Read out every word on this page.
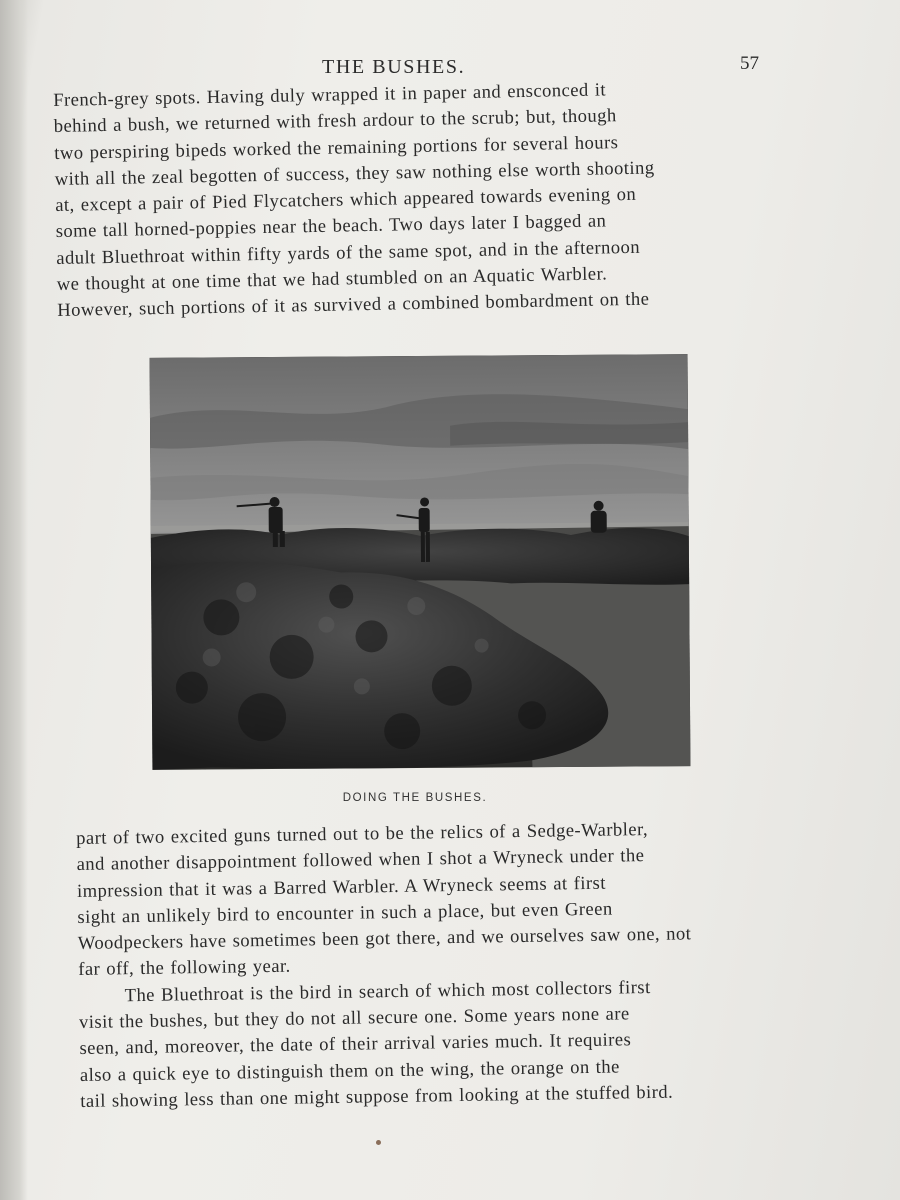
THE BUSHES.	57
French-grey spots. Having duly wrapped it in paper and ensconced it
behind a bush, we returned with fresh ardour to the scrub; but, though
two perspiring bipeds worked the remaining portions for several hours
with all the zeal begotten of success, they saw nothing else worth shooting
at, except a pair of Pied Flycatchers which appeared towards evening on
some tall horned-poppies near the beach. Two days later I bagged an
adult Bluethroat within fifty yards of the same spot, and in the afternoon
we thought at one time that we had stumbled on an Aquatic Warbler.
However, such portions of it as survived a combined bombardment on the
DOING THE BUSHES.
part of two excited guns turned out to be the relics of a Sedge-Warbler,
and another disappointment followed when I shot a Wryneck under the
impression that it was a Barred Warbler. A Wryneck seems at first
sight an unlikely bird to encounter in such a place, but even Green
Woodpeckers have sometimes been got there, and we ourselves saw one, not
far off, the following year.
The Bluethroat is the bird in search of which most collectors first
visit the bushes, but they do not all secure one. Some years none are
seen, and, moreover, the date of their arrival varies much. It requires
also a quick eye to distinguish them on the wing, the orange on the
tail showing less than one might suppose from looking at the stuffed bird.
